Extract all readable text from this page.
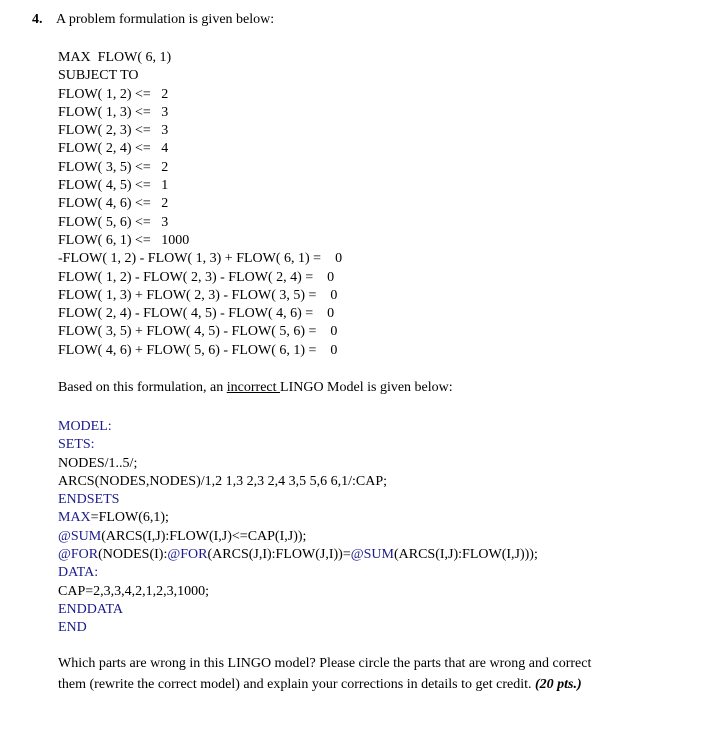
4. A problem formulation is given below:
MAX  FLOW( 6, 1)
SUBJECT TO
FLOW( 1, 2) <=   2
FLOW( 1, 3) <=   3
FLOW( 2, 3) <=   3
FLOW( 2, 4) <=   4
FLOW( 3, 5) <=   2
FLOW( 4, 5) <=   1
FLOW( 4, 6) <=   2
FLOW( 5, 6) <=   3
FLOW( 6, 1) <=   1000
-FLOW( 1, 2) - FLOW( 1, 3) + FLOW( 6, 1) =    0
FLOW( 1, 2) - FLOW( 2, 3) - FLOW( 2, 4) =    0
FLOW( 1, 3) + FLOW( 2, 3) - FLOW( 3, 5) =    0
FLOW( 2, 4) - FLOW( 4, 5) - FLOW( 4, 6) =    0
FLOW( 3, 5) + FLOW( 4, 5) - FLOW( 5, 6) =    0
FLOW( 4, 6) + FLOW( 5, 6) - FLOW( 6, 1) =    0
Based on this formulation, an incorrect LINGO Model is given below:
MODEL:
SETS:
NODES/1..5/;
ARCS(NODES,NODES)/1,2 1,3 2,3 2,4 3,5 5,6 6,1/:CAP;
ENDSETS
MAX=FLOW(6,1);
@SUM(ARCS(I,J):FLOW(I,J)<=CAP(I,J));
@FOR(NODES(I):@FOR(ARCS(J,I):FLOW(J,I))=@SUM(ARCS(I,J):FLOW(I,J)));
DATA:
CAP=2,3,3,4,2,1,2,3,1000;
ENDDATA
END
Which parts are wrong in this LINGO model? Please circle the parts that are wrong and correct
them (rewrite the correct model) and explain your corrections in details to get credit. (20 pts.)
